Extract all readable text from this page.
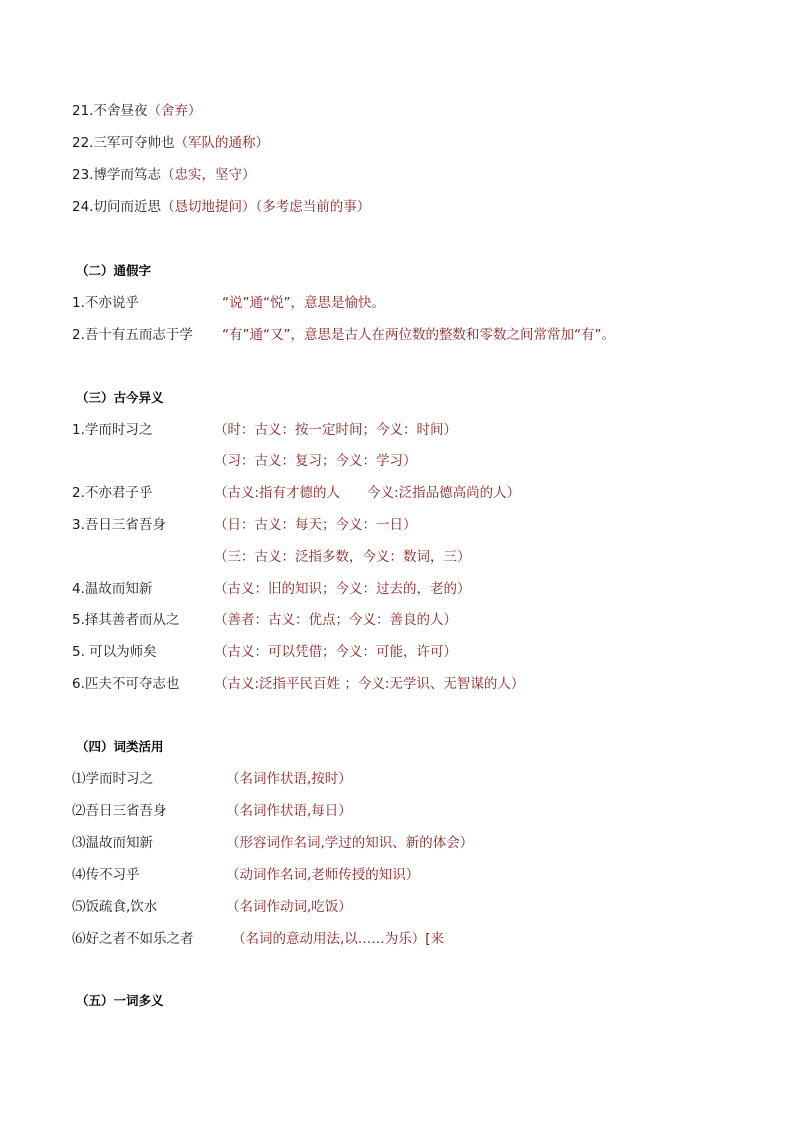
21.不舍昼夜（舍弃）
22.三军可夺帅也（军队的通称）
23.博学而笃志（忠实，坚守）
24.切问而近思（恳切地提问）（多考虑当前的事）
（二）通假字
1.不亦说乎	“说”通“悦”，意思是愉快。
2.吾十有五而志于学 “有”通“又”，意思是古人在两位数的整数和零数之间常常加“有”。
（三）古今异义
1.学而时习之	（时：古义：按一定时间；今义：时间）
（习：古义：复习；今义：学习）
2.不亦君子乎	（古义:指有才德的人　　今义:泛指品德高尚的人）
3.吾日三省吾身	（日：古义：每天；今义：一日）
（三：古义：泛指多数，今义：数词，三）
4.温故而知新	（古义：旧的知识；今义：过去的，老的）
5.择其善者而从之	（善者：古义：优点；今义：善良的人）
5. 可以为师矣	（古义：可以凭借；今义：可能，许可）
6.匹夫不可夺志也	（古义:泛指平民百姓 ；今义:无学识、无智谋的人）
（四）词类活用
⑴学而时习之	（名词作状语,按时）
⑵吾日三省吾身	（名词作状语,每日）
⑶温故而知新	（形容词作名词,学过的知识、新的体会）
⑷传不习乎	（动词作名词,老师传授的知识）
⑸饭疏食,饮水	（名词作动词,吃饭）
⑹好之者不如乐之者	（名词的意动用法,以……为乐）[来
（五）一词多义
